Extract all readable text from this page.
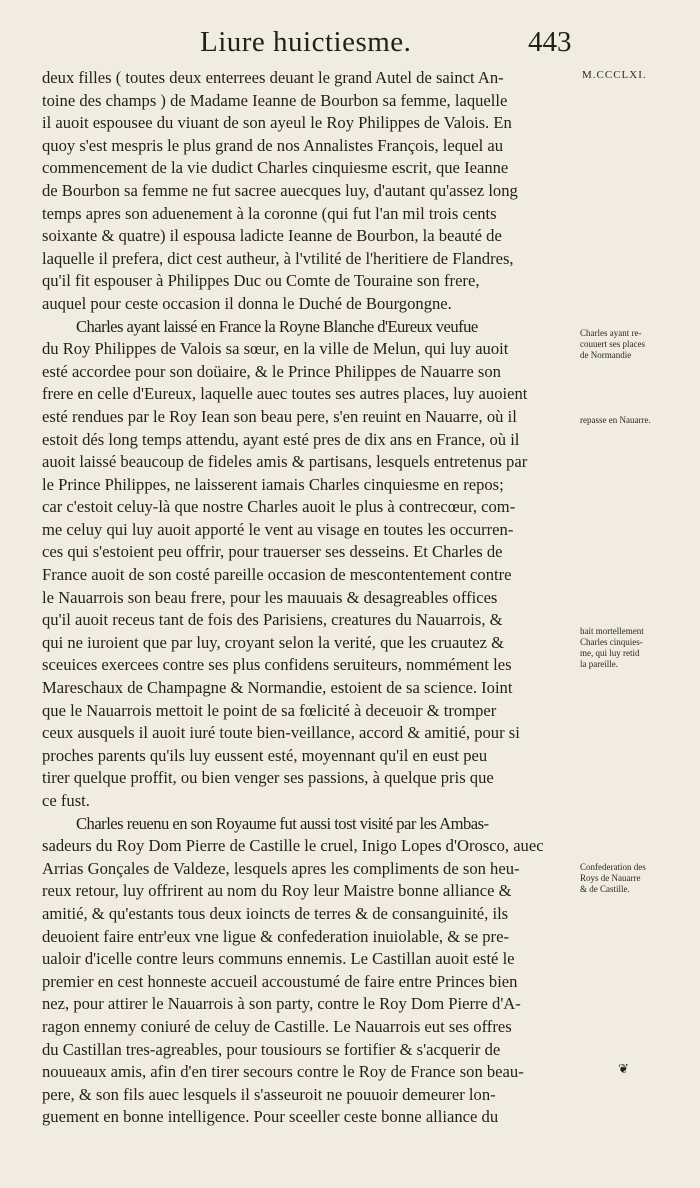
Liure huictiesme.	443
deux filles ( toutes deux enterrees deuant le grand Autel de sainct An-
toine des champs ) de Madame Ieanne de Bourbon sa femme, laquelle
il auoit espousee du viuant de son ayeul le Roy Philippes de Valois. En
quoy s'est mespris le plus grand de nos Annalistes François, lequel au
commencement de la vie dudict Charles cinquiesme escrit, que Ieanne
de Bourbon sa femme ne fut sacree auecques luy, d'autant qu'assez long
temps apres son aduenement à la coronne (qui fut l'an mil trois cents
soixante & quatre) il espousa ladicte Ieanne de Bourbon, la beauté de
laquelle il prefera, dict cest autheur, à l'vtilité de l'heritiere de Flandres,
qu'il fit espouser à Philippes Duc ou Comte de Touraine son frere,
auquel pour ceste occasion il donna le Duché de Bourgongne.
Charles ayant laissé en France la Royne Blanche d'Eureux veufue
du Roy Philippes de Valois sa sœur, en la ville de Melun, qui luy auoit
esté accordee pour son doüaire, & le Prince Philippes de Nauarre son
frere en celle d'Eureux, laquelle auec toutes ses autres places, luy auoient
esté rendues par le Roy Iean son beau pere, s'en reuint en Nauarre, où il
estoit dés long temps attendu, ayant esté pres de dix ans en France, où il
auoit laissé beaucoup de fideles amis & partisans, lesquels entretenus par
le Prince Philippes, ne laisserent iamais Charles cinquiesme en repos;
car c'estoit celuy-là que nostre Charles auoit le plus à contrecœur, com-
me celuy qui luy auoit apporté le vent au visage en toutes les occurren-
ces qui s'estoient peu offrir, pour trauerser ses desseins. Et Charles de
France auoit de son costé pareille occasion de mescontentement contre
le Nauarrois son beau frere, pour les mauuais & desagreables offices
qu'il auoit receus tant de fois des Parisiens, creatures du Nauarrois, &
qui ne iuroient que par luy, croyant selon la verité, que les cruautez &
sceuices exercees contre ses plus confidens seruiteurs, nommément les
Mareschaux de Champagne & Normandie, estoient de sa science. Ioint
que le Nauarrois mettoit le point de sa fœlicité à deceuoir & tromper
ceux ausquels il auoit iuré toute bien-veillance, accord & amitié, pour si
proches parents qu'ils luy eussent esté, moyennant qu'il en eust peu
tirer quelque proffit, ou bien venger ses passions, à quelque pris que
ce fust.
Charles reuenu en son Royaume fut aussi tost visité par les Ambas-
sadeurs du Roy Dom Pierre de Castille le cruel, Inigo Lopes d'Orosco, auec
Arrias Gonçales de Valdeze, lesquels apres les compliments de son heu-
reux retour, luy offrirent au nom du Roy leur Maistre bonne alliance &
amitié, & qu'estants tous deux ioincts de terres & de consanguinité, ils
deuoient faire entr'eux vne ligue & confederation inuiolable, & se pre-
ualoir d'icelle contre leurs communs ennemis. Le Castillan auoit esté le
premier en cest honneste accueil accoustumé de faire entre Princes bien
nez, pour attirer le Nauarrois à son party, contre le Roy Dom Pierre d'A-
ragon ennemy coniuré de celuy de Castille. Le Nauarrois eut ses offres
du Castillan tres-agreables, pour tousiours se fortifier & s'acquerir de
nouueaux amis, afin d'en tirer secours contre le Roy de France son beau-
pere, & son fils auec lesquels il s'asseuroit ne pouuoir demeurer lon-
guement en bonne intelligence. Pour sceeller ceste bonne alliance du
M.CCCLXI.
Charles ayant re-
couuert ses places
de Normandie
repasse en Nauarre.
hait mortellement
Charles cinquies-
me, qui luy retid
la pareille.
Confederation des
Roys de Nauarre
& de Castille.
❦
